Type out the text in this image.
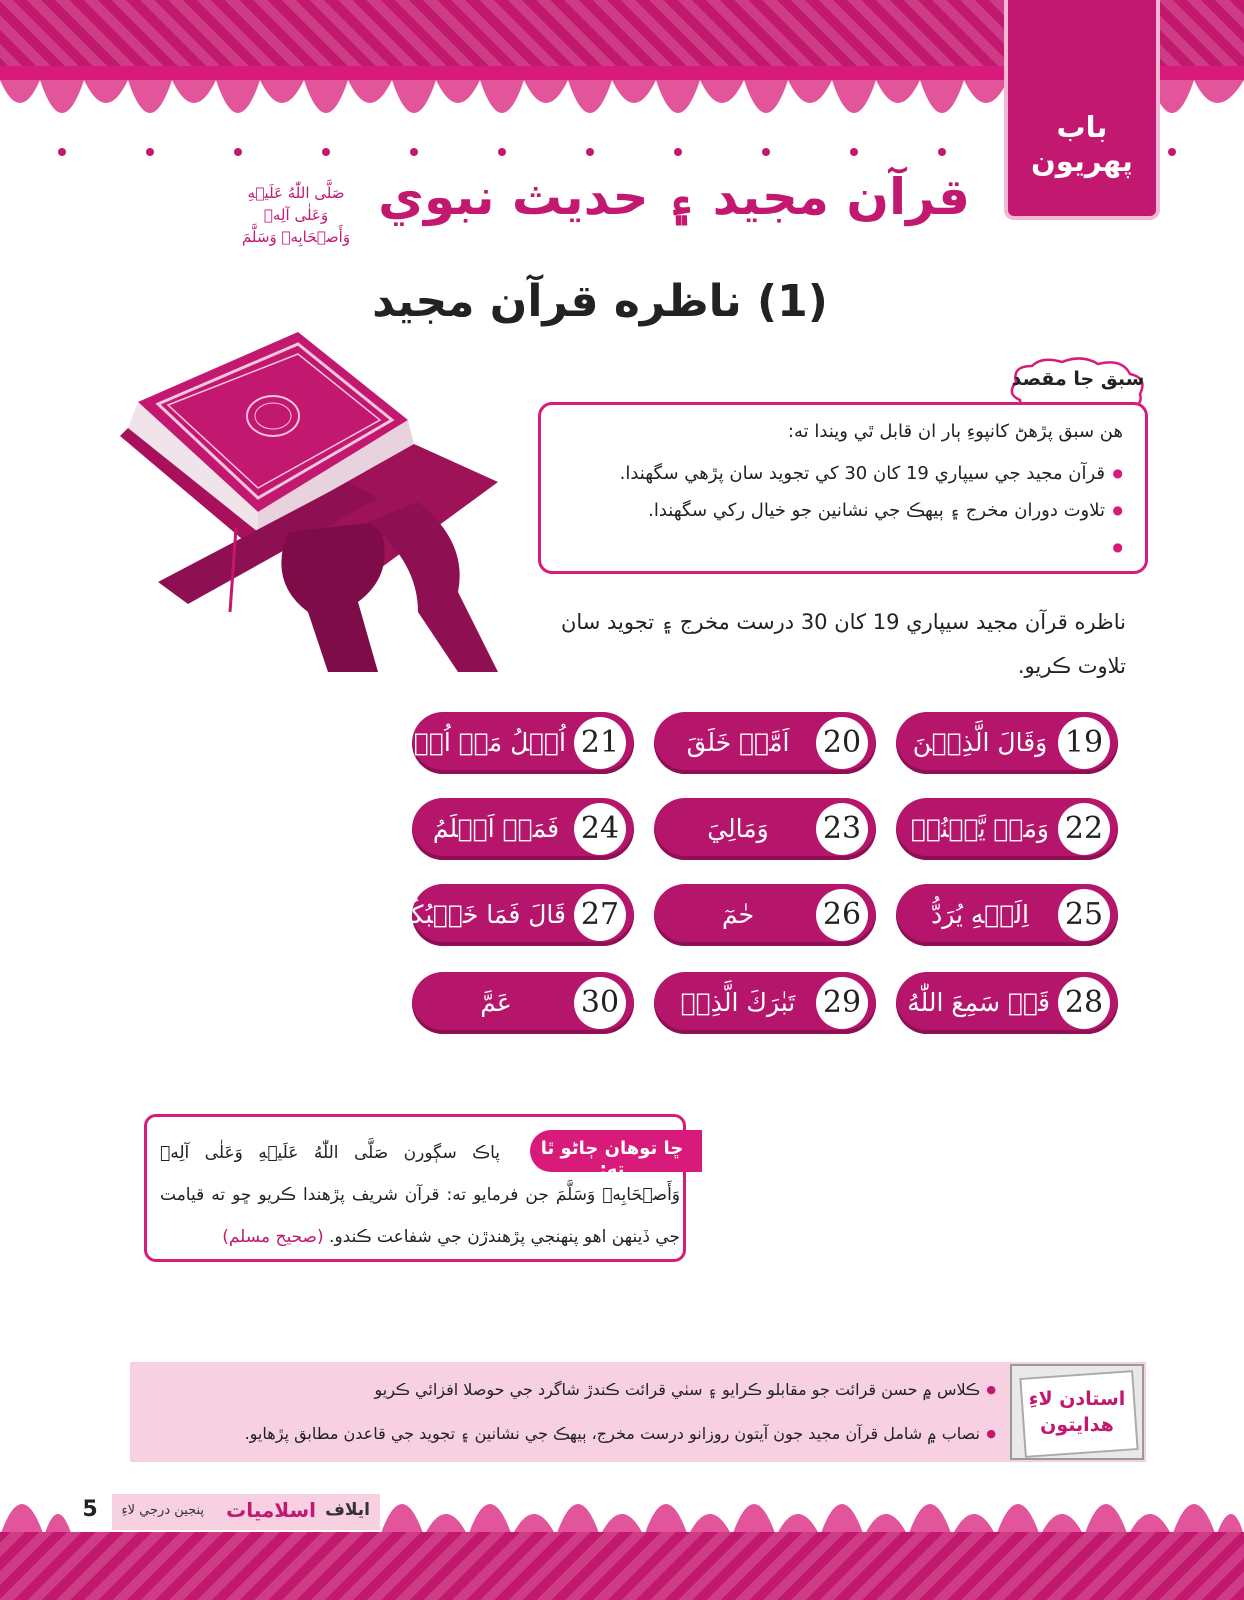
باب پهريون
قرآن مجيد ۽ حديث نبوي
صَلَّی اللّٰهُ عَلَيۡهِ وَعَلٰى آلِهٖ وَأَصۡحَابِهٖ وَسَلَّمَ
(1) ناظره قرآن مجيد
سبق جا مقصد

هن سبق پڙهڻ کانپوءِ ٻار ان قابل ٿي ويندا ته:

● قرآن مجيد جي سيپاري 19 کان 30 کي تجويد سان پڙهي سگهندا.
● تلاوت دوران مخرج ۽ ٻيهڪ جي نشانين جو خيال رکي سگهندا.
●
ناظره قرآن مجيد سيپاري 19 کان 30 درست مخرج ۽ تجويد سان تلاوت ڪريو.
19
وَقَالَ الَّذِيۡنَ
20
اَمَّنۡ خَلَقَ
21
اُتۡلُ مَاۤ اُوۡحِيَ
22
وَمَنۡ يَّقۡنُتۡ
23
وَمَالِيَ
24
فَمَنۡ اَظۡلَمُ
25
اِلَيۡهِ يُرَدُّ
26
حٰمٓ
27
قَالَ فَمَا خَطۡبُكُمۡ
28
قَدۡ سَمِعَ اللّٰهُ
29
تَبٰرَكَ الَّذِيۡ
30
عَمَّ
ڇا توهان ڄاڻو ٿا ته:
پاڪ سڳورن صَلَّی اللّٰهُ عَلَيۡهِ وَعَلٰى آلِهٖ وَأَصۡحَابِهٖ وَسَلَّمَ جن فرمايو ته: قرآن شريف پڙهندا ڪريو ڇو ته قيامت جي ڏينهن اهو پنهنجي پڙهندڙن جي شفاعت ڪندو. (صحيح مسلم)
● ڪلاس ۾ حسن قرائت جو مقابلو ڪرايو ۽ سٺي قرائت ڪندڙ شاگرد جي حوصلا افزائي ڪريو
● نصاب ۾ شامل قرآن مجيد جون آيتون روزانو درست مخرج، ٻيهڪ جي نشانين ۽ تجويد جي قاعدن مطابق پڙهايو.
استادن لاءِ هدايتون
ايلاف
اسلاميات
پنجين درجي لاءِ
5
